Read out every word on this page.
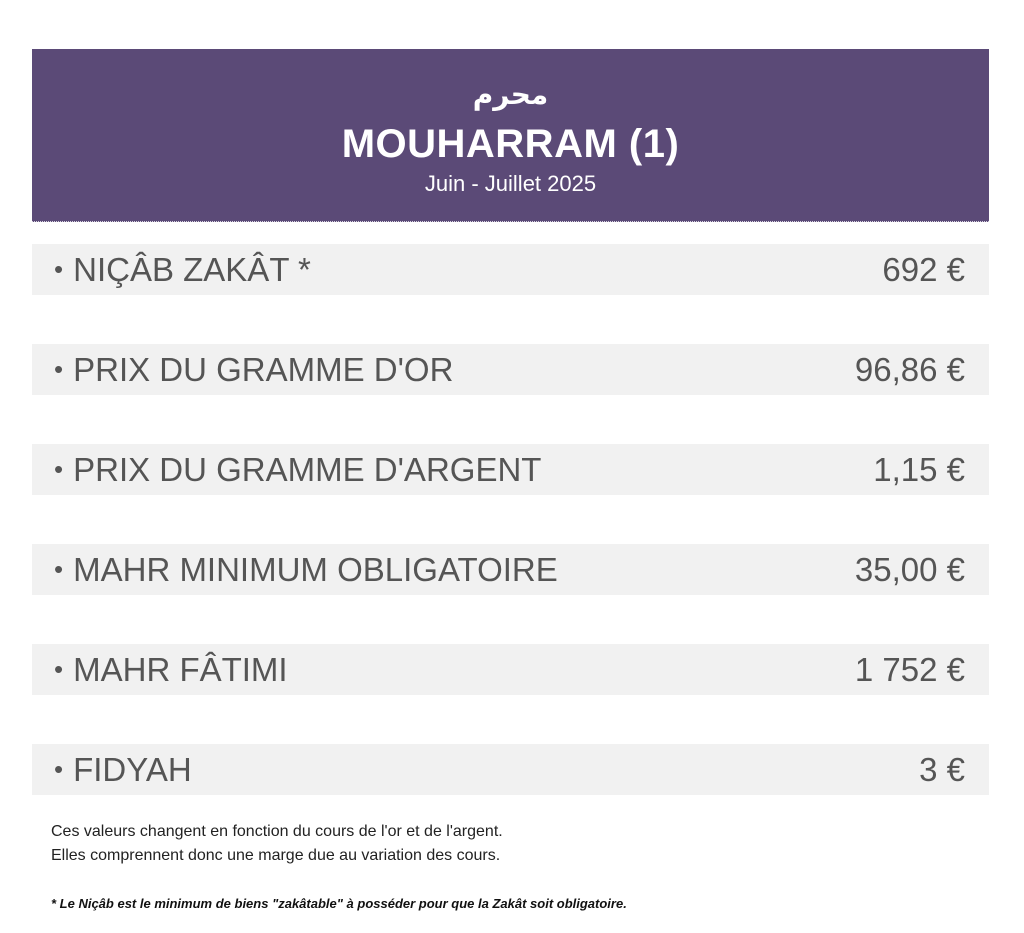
محرم
MOUHARRAM (1)
Juin - Juillet 2025
• NIÇÂB ZAKÂT *	692 €
• PRIX DU GRAMME D'OR	96,86 €
• PRIX DU GRAMME D'ARGENT	1,15 €
• MAHR MINIMUM OBLIGATOIRE	35,00 €
• MAHR FÂTIMI	1 752 €
• FIDYAH	3 €
Ces valeurs changent en fonction du cours de l'or et de l'argent.
Elles comprennent donc une marge due au variation des cours.
* Le Niçâb est le minimum de biens "zakâtable" à posséder pour que la Zakât soit obligatoire.
